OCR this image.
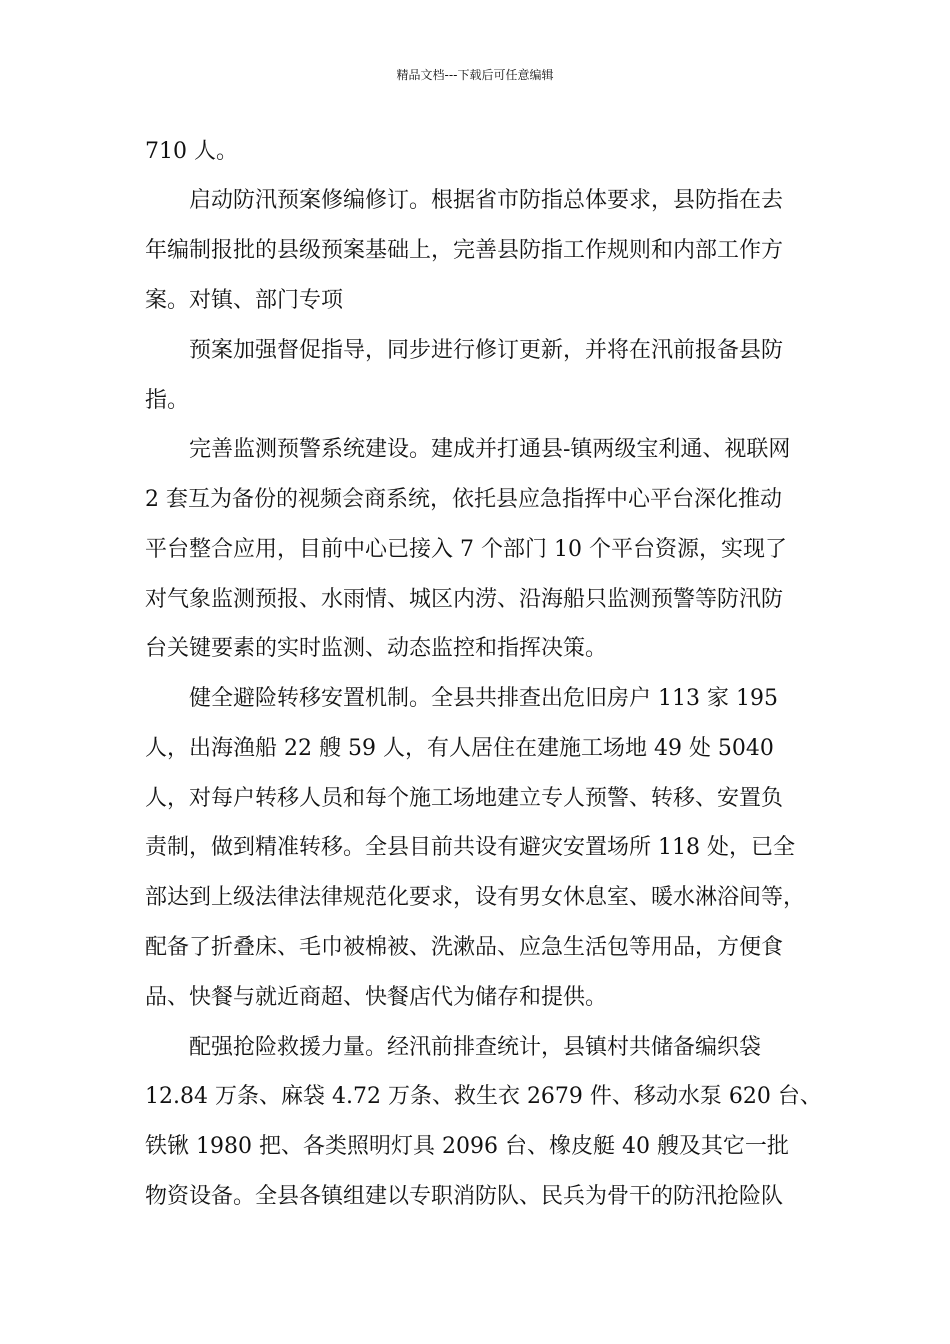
精品文档---下载后可任意编辑
710 人。
启动防汛预案修编修订。根据省市防指总体要求，县防指在去
年编制报批的县级预案基础上，完善县防指工作规则和内部工作方
案。对镇、部门专项
预案加强督促指导，同步进行修订更新，并将在汛前报备县防
指。
完善监测预警系统建设。建成并打通县-镇两级宝利通、视联网
2 套互为备份的视频会商系统，依托县应急指挥中心平台深化推动
平台整合应用，目前中心已接入 7 个部门 10 个平台资源，实现了
对气象监测预报、水雨情、城区内涝、沿海船只监测预警等防汛防
台关键要素的实时监测、动态监控和指挥决策。
健全避险转移安置机制。全县共排查出危旧房户 113 家 195
人，出海渔船 22 艘 59 人，有人居住在建施工场地 49 处 5040
人，对每户转移人员和每个施工场地建立专人预警、转移、安置负
责制，做到精准转移。全县目前共设有避灾安置场所 118 处，已全
部达到上级法律法律规范化要求，设有男女休息室、暖水淋浴间等，
配备了折叠床、毛巾被棉被、洗漱品、应急生活包等用品，方便食
品、快餐与就近商超、快餐店代为储存和提供。
配强抢险救援力量。经汛前排查统计，县镇村共储备编织袋
12.84 万条、麻袋 4.72 万条、救生衣 2679 件、移动水泵 620 台、
铁锹 1980 把、各类照明灯具 2096 台、橡皮艇 40 艘及其它一批
物资设备。全县各镇组建以专职消防队、民兵为骨干的防汛抢险队
